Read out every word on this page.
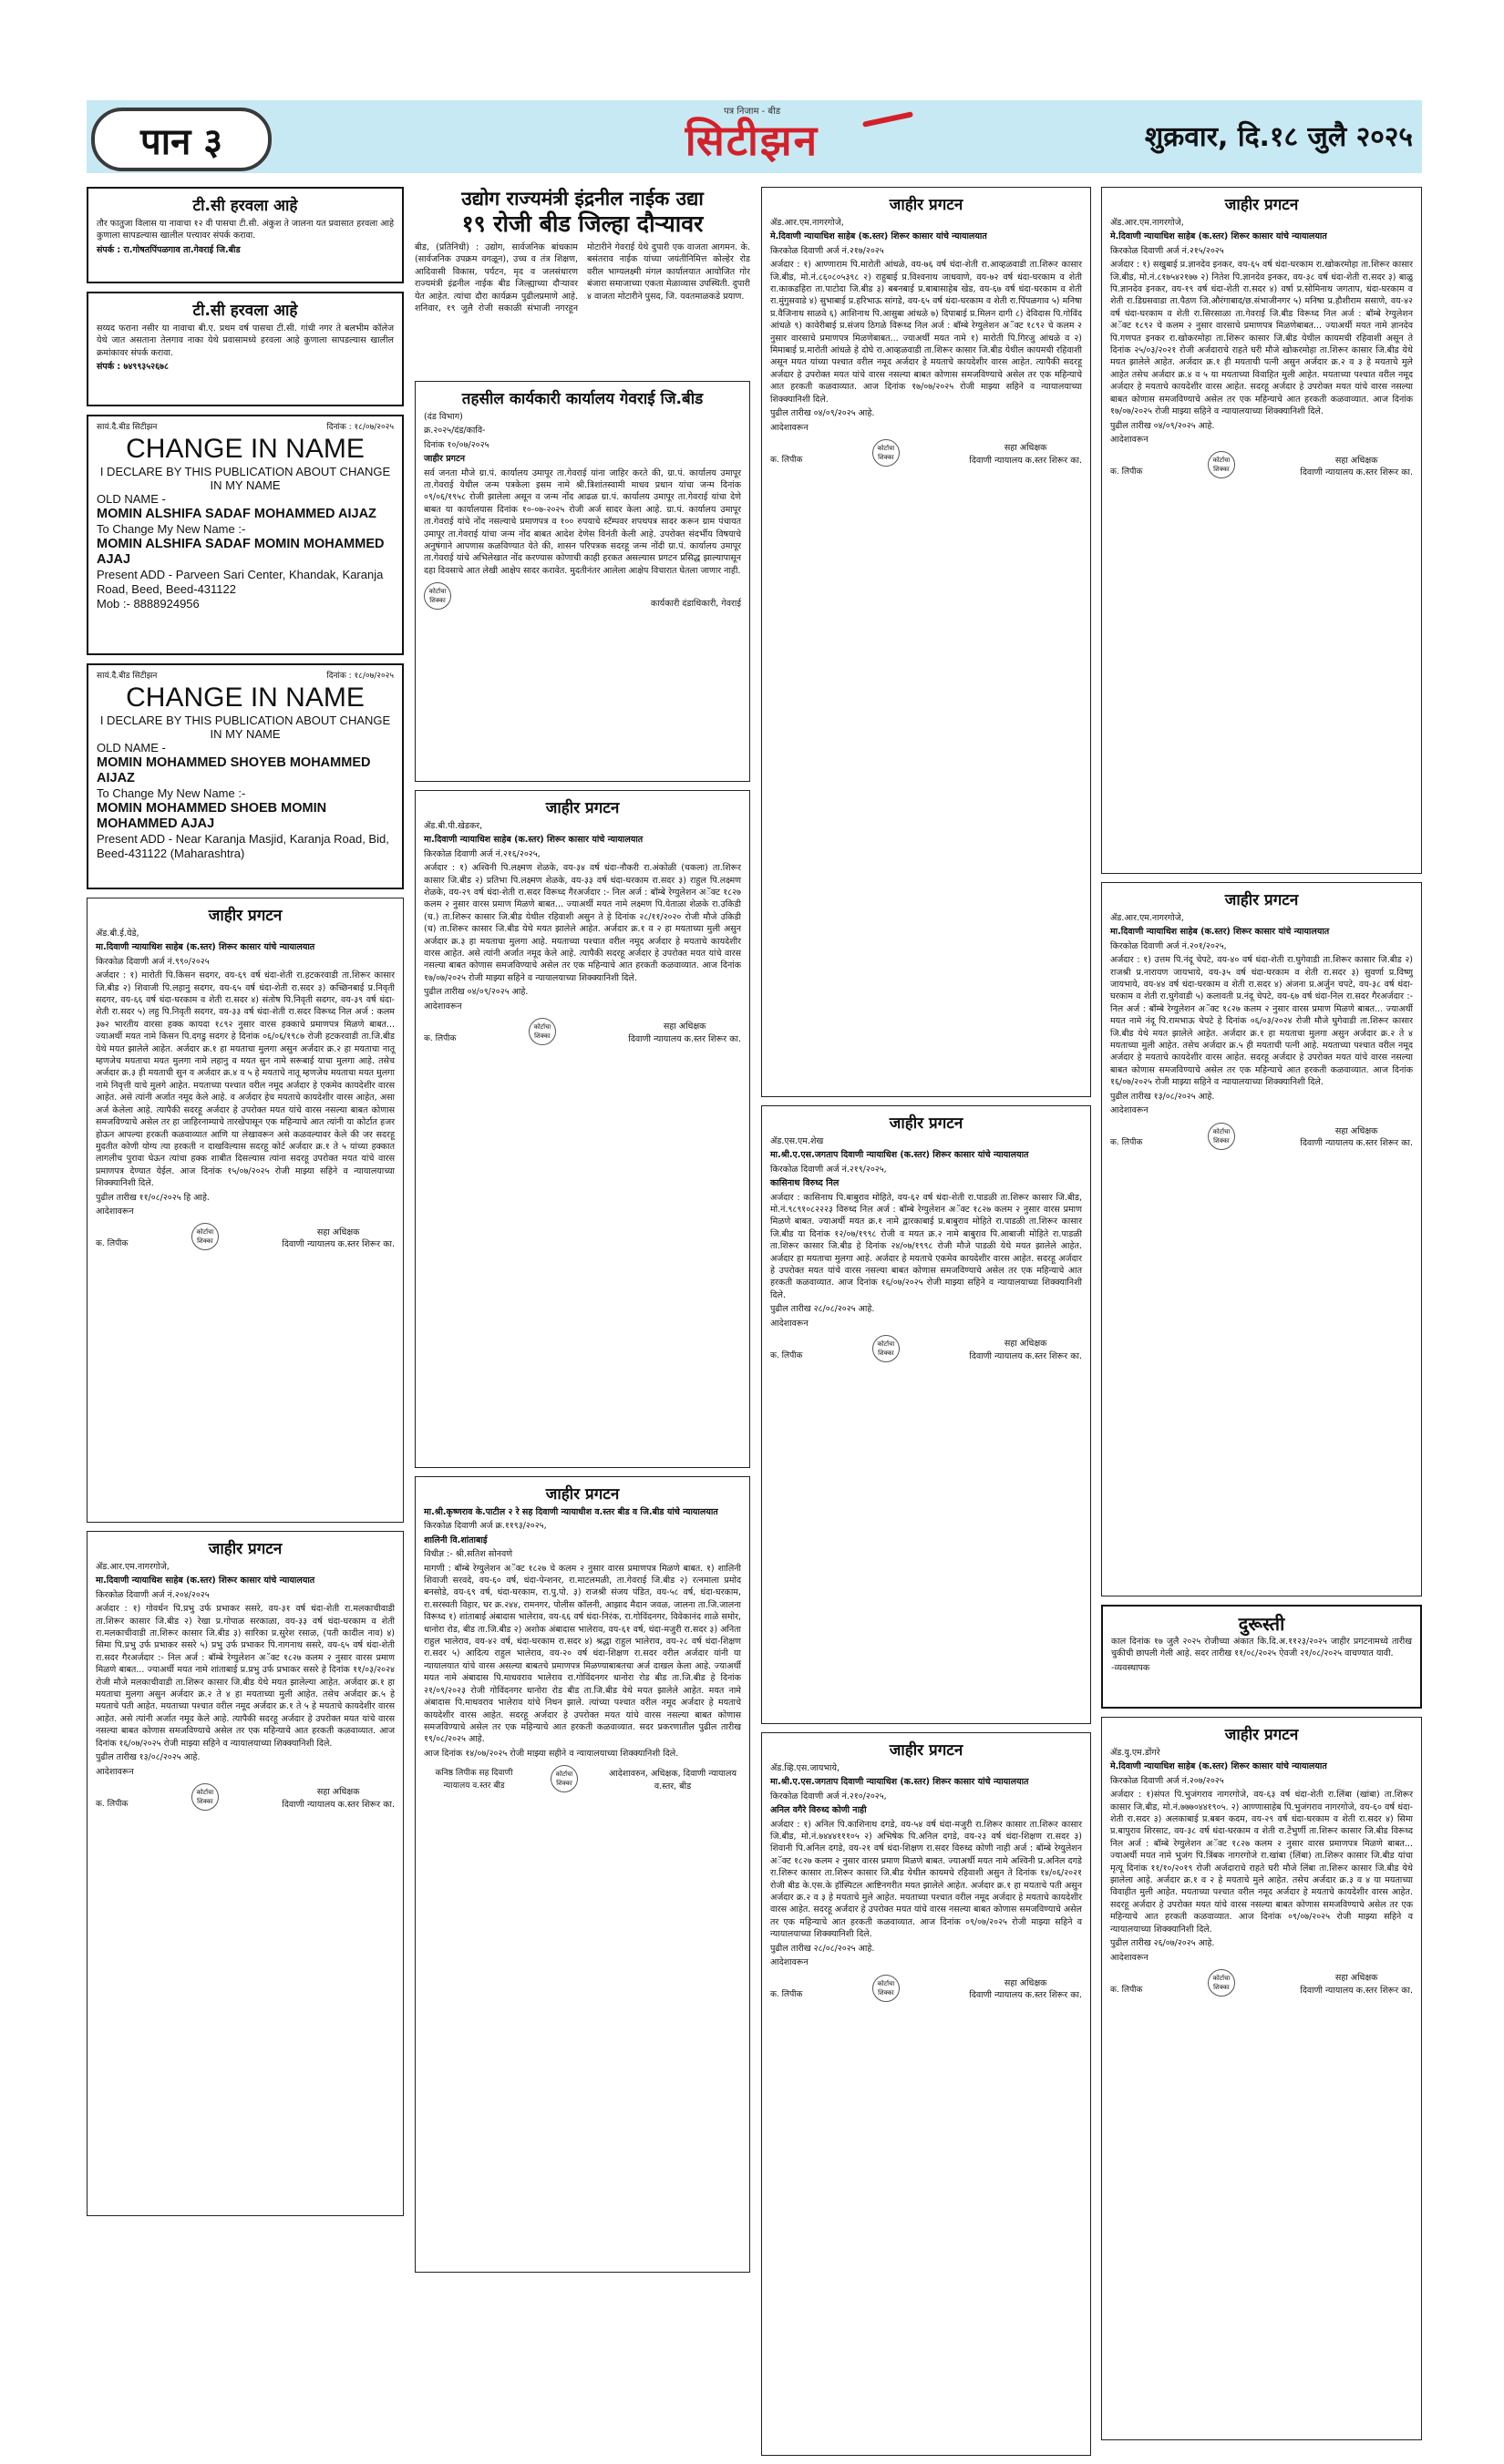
पान ३
पत्र निजाम - बीड
सिटीझन	शुक्रवार, दि.१८ जुलै २०२५
टी.सी हरवला आहे

तौर फातुजा विलास या नावाचा १२ वी पासचा टी.सी. अंकुश ते जालना यत प्रवासात हरवला आहे कुणाला सापडल्यास खालील पत्त्यावर संपर्क करावा.

संपर्क : रा.गोषतपिंपळगाव ता.गेवराई जि.बीड

टी.सी हरवला आहे

सय्यद फराना नसीर या नावाचा बी.ए. प्रथम वर्ष पासचा टी.सी. गांधी नगर ते बलभीम कॉलेज येथे जात असताना तेलगाव नाका येथे प्रवासामध्ये हरवला आहे कुणाला सापडल्यास खालील क्रमांकावर संपर्क करावा.

संपर्क : ७४९९३५२६७८

सायं.दै.बीड सिटीझन	दिनांक : १८/०७/२०२५
CHANGE IN NAME
I DECLARE BY THIS PUBLICATION ABOUT CHANGE IN MY NAME
OLD NAME -
MOMIN ALSHIFA SADAF MOHAMMED AIJAZ
To Change My New Name :-
MOMIN ALSHIFA SADAF MOMIN MOHAMMED AJAJ
Present ADD - Parveen Sari Center, Khandak, Karanja Road, Beed, Beed-431122
Mob :- 8888924956
सायं.दै.बीड सिटीझन	दिनांक : १८/०७/२०२५
CHANGE IN NAME
I DECLARE BY THIS PUBLICATION ABOUT CHANGE IN MY NAME
OLD NAME -
MOMIN MOHAMMED SHOYEB MOHAMMED AIJAZ
To Change My New Name :-
MOMIN MOHAMMED SHOEB MOMIN MOHAMMED AJAJ
Present ADD - Near Karanja Masjid, Karanja Road, Bid, Beed-431122 (Maharashtra)
जाहीर प्रगटन

ॲड.बी.ई.येडे,

मा.दिवाणी न्यायाधिश साहेब (क.स्तर) शिरूर कासार यांचे न्यायालयात

किरकोळ दिवाणी अर्ज नं.९९०/२०२५

अर्जदार : १) मारोती पि.किसन सदगर, वय-६९ वर्ष धंदा-शेती रा.हटकरवाडी ता.शिरूर कासार जि.बीड २) शिवाजी पि.लहानु सदगर, वय-६५ वर्ष धंदा-शेती रा.सदर ३) कच्छिनबाई प्र.निवृती सदगर, वय-६६ वर्ष धंदा-घरकाम व शेती रा.सदर ४) संतोष पि.निवृती सदगर, वय-३९ वर्ष धंदा-शेती रा.सदर ५) लहु पि.निवृती सदगर, वय-३३ वर्ष धंदा-शेती रा.सदर विरूध्द निल अर्ज : कलम ३७२ भारतीय वारसा हक्क कायदा १८९२ नुसार वारस हक्काचे प्रमाणपत्र मिळणे बाबत... ज्याअर्थी मयत नामे किसन पि.दगडु सदगर हे दिनांक ०६/०६/१९८७ रोजी हटकरवाडी ता.जि.बीड येथे मयत झालेले आहेत. अर्जदार क्र.१ हा मयताचा मुलगा असुन अर्जदार क्र.२ हा मयताचा नातू म्हणजेच मयताचा मयत मुलगा नामे लहानु व मयत सुन नामे सरूबाई याचा मुलगा आहे. तसेच अर्जदार क्र.३ ही मयताची सुन व अर्जदार क्र.४ व ५ हे मयताचे नातू म्हणजेच मयताचा मयत मुलगा नामे निवृत्ती याचे मुलगे आहेत. मयताच्या पश्चात वरील नमूद अर्जदार हे एकमेव कायदेशीर वारस आहेत. असे त्यांनी अर्जात नमूद केले आहे. व अर्जदार हेच मयताचे कायदेशीर वारस आहेत, असा अर्ज केलेला आहे. त्यापैकी सदरहू अर्जदार हे उपरोक्त मयत यांचे वारस नसल्या बाबत कोणास समजविण्याचे असेल तर हा जाहिरनाम्याचे तारखेपासून एक महिन्याचे आत त्यांनी या कोर्टात हजर होऊन आपल्या हरकती कळवाव्यात आणि या लेखावरून असे कळवल्यावर केले की जर सदरहू मुदतीत कोणी योग्य त्या हरकती न दाखविल्यास सदरहू कोर्ट अर्जदार क्र.१ ते ५ यांच्या हक्कात लागलीच पुरावा घेऊन त्यांचा हक्क शाबीत दिसल्यास त्यांना सदरहू उपरोक्त मयत यांचे वारस प्रमाणपत्र देण्यात येईल. आज दिनांक १५/०७/२०२५ रोजी माझ्या सहिने व न्यायालयाच्या शिक्क्यानिशी दिले.

पुढील तारीख ११/०८/२०२५ हि आहे.

आदेशावरून

क. लिपीक
कोर्टाचा शिक्का
सहा अधिक्षक
दिवाणी न्यायालय क.स्तर शिरूर का.
जाहीर प्रगटन

ॲड.आर.एम.नागरगोजे,

मा.दिवाणी न्यायाधिश साहेब (क.स्तर) शिरूर कासार यांचे न्यायालयात

किरकोळ दिवाणी अर्ज नं.२०४/२०२५

अर्जदार : १) गोवर्धन पि.प्रभु उर्फ प्रभाकर ससरे, वय-३१ वर्ष धंदा-शेती रा.मलकाचीवाडी ता.शिरूर कासार जि.बीड २) रेखा प्र.गोपाळ सरकाळा, वय-३३ वर्ष धंदा-घरकाम व शेती रा.मलकाचीवाडी ता.शिरूर कासार जि.बीड ३) सारिका प्र.सुरेश रसाळ, (पती कादील नाव) ४) सिमा पि.प्रभु उर्फ प्रभाकर ससरे ५) प्रभु उर्फ प्रभाकर पि.नागनाथ ससरे, वय-६५ वर्ष धंदा-शेती रा.सदर गैरअर्जदार :- निल अर्ज : बॉम्बे रेग्युलेशन अॅक्ट १८२७ कलम २ नुसार वारस प्रमाण मिळणे बाबत... ज्याअर्थी मयत नामे शांताबाई प्र.प्रभु उर्फ प्रभाकर ससरे हे दिनांक ११/०३/२०२४ रोजी मौजे मलकाचीवाडी ता.शिरूर कासार जि.बीड येथे मयत झालेल्या आहेत. अर्जदार क्र.१ हा मयताचा मुलगा असुन अर्जदार क्र.२ ते ४ हा मयताच्या मुली आहेत. तसेच अर्जदार क्र.५ हे मयताचे पती आहेत. मयताच्या पश्चात वरील नमूद अर्जदार क्र.१ ते ५ हे मयताचे कायदेशीर वारस आहेत. असे त्यांनी अर्जात नमूद केले आहे. त्यापैकी सदरहू अर्जदार हे उपरोक्त मयत यांचे वारस नसल्या बाबत कोणास समजविण्याचे असेल तर एक महिन्याचे आत हरकती कळवाव्यात. आज दिनांक १६/०७/२०२५ रोजी माझ्या सहिने व न्यायालयाच्या शिक्क्यानिशी दिले.

पुढील तारीख १३/०८/२०२५ आहे.

आदेशावरून

क. लिपीक
कोर्टाचा शिक्का
सहा अधिक्षक
दिवाणी न्यायालय क.स्तर शिरूर का.
उद्योग राज्यमंत्री इंद्रनील नाईक उद्या
१९ रोजी बीड जिल्हा दौऱ्यावर

बीड, (प्रतिनिधी) : उद्योग, सार्वजनिक बांधकाम (सार्वजनिक उपक्रम वगळून), उच्च व तंत्र शिक्षण, आदिवासी विकास, पर्यटन, मृद व जलसंधारण राज्यमंत्री इंद्रनील नाईक बीड जिल्ह्याच्या दौऱ्यावर येत आहेत. त्यांचा दौरा कार्यक्रम पुढीलप्रमाणे आहे. शनिवार, १९ जुलै रोजी सकाळी संभाजी नगरहून मोटारीने गेवराई येथे दुपारी एक वाजता आगमन. के. बसंतराव नाईक यांच्या जयंतीनिमित्त कोल्हेर रोड वरील भाग्यलक्ष्मी मंगल कार्यालयात आयोजित गोर बंजारा समाजाच्या एकता मेळाव्यास उपस्थिती. दुपारी ४ वाजता मोटारीने पुसद, जि. यवतमाळकडे प्रयाण.

तहसील कार्यकारी कार्यालय गेवराई जि.बीड

(दंड विभाग)

क्र.२०२५/दंड/कावि-

दिनांक १०/०७/२०२५

जाहीर प्रगटन

सर्व जनता मौजे ग्रा.पं. कार्यालय उमापूर ता.गेवराई यांना जाहिर करते की, ग्रा.पं. कार्यालय उमापूर ता.गेवराई येथील जन्म पत्रकेला इसम नामे श्री.त्रिशांतस्वामी माधव प्रधान यांचा जन्म दिनांक ०९/०६/१९५८ रोजी झालेला असून व जन्म नोंद आढळ ग्रा.पं. कार्यालय उमापूर ता.गेवराई यांचा देणे बाबत या कार्यालयास दिनांक १०-०७-२०२५ रोजी अर्ज सादर केला आहे. ग्रा.पं. कार्यालय उमापूर ता.गेवराई यांचे नोंद नसल्याचे प्रमाणपत्र व १०० रुपयाचे स्टॅम्पवर शपथपत्र सादर करून ग्राम पंचायत उमापूर ता.गेवराई यांचा जन्म नोंद बाबत आदेश देणेस विनंती केली आहे. उपरोक्त संदर्भीय विषयाचे अनुषंगाने आपणास कळविण्यात येते की, शासन परिपत्रक सदरहू जन्म नोंदी ग्रा.पं. कार्यालय उमापूर ता.गेवराई यांचे अभिलेखात नोंद करण्यास कोणाची काही हरकत असल्यास प्रगटन प्रसिद्ध झाल्यापासून दहा दिवसाचे आत लेखी आक्षेप सादर करावेत. मुदतीनंतर आलेला आक्षेप विचारात घेतला जाणार नाही.

कोर्टाचा शिक्का	कार्यकारी दंडाधिकारी, गेवराई
जाहीर प्रगटन

ॲड.बी.पी.खेडकर,

मा.दिवाणी न्यायाधिश साहेब (क.स्तर) शिरूर कासार यांचे न्यायालयात

किरकोळ दिवाणी अर्ज नं.२१६/२०२५,

अर्जदार : १) अश्विनी पि.लक्ष्मण शेळके, वय-३४ वर्ष धंदा-नौकरी रा.अंकोळी (चकला) ता.शिरूर कासार जि.बीड २) प्रतिभा पि.लक्ष्मण शेळके, वय-३३ वर्ष धंदा-घरकाम रा.सदर ३) राहुल पि.लक्ष्मण शेळके, वय-२९ वर्ष धंदा-शेती रा.सदर विरूध्द गैरअर्जदार :- निल अर्ज : बॉम्बे रेग्युलेशन अॅक्ट १८२७ कलम २ नुसार वारस प्रमाण मिळणे बाबत... ज्याअर्थी मयत नामे लक्ष्मण पि.येताळा शेळके रा.उकिडी (च.) ता.शिरूर कासार जि.बीड येथील रहिवाशी असुन ते हे दिनांक २८/११/२०२० रोजी मौजे उकिडी (च) ता.शिरूर कासार जि.बीड येथे मयत झालेले आहेत. अर्जदार क्र.१ व २ हा मयताच्या मुली असुन अर्जदार क्र.३ हा मयताचा मुलगा आहे. मयताच्या पश्चात वरील नमूद अर्जदार हे मयताचे कायदेशीर वारस आहेत. असे त्यांनी अर्जात नमूद केले आहे. त्यापैकी सदरहू अर्जदार हे उपरोक्त मयत यांचे वारस नसल्या बाबत कोणास समजविण्याचे असेल तर एक महिन्याचे आत हरकती कळवाव्यात. आज दिनांक १७/०७/२०२५ रोजी माझ्या सहिने व न्यायालयाच्या शिक्क्यानिशी दिले.

पुढील तारीख ०४/०९/२०२५ आहे.

आदेशावरून

क. लिपीक
कोर्टाचा शिक्का
सहा अधिक्षक
दिवाणी न्यायालय क.स्तर शिरूर का.
जाहीर प्रगटन

मा.श्री.कृष्णराव के.पाटील २ रे सह दिवाणी न्यायाधीश व.स्तर बीड व जि.बीड यांचे न्यायालयात

किरकोळ दिवाणी अर्ज क्र.११९३/२०२५,

शालिनी वि.शांताबाई

विधीज्ञ :- श्री.सतिश सोनवणे

मागणी : बॉम्बे रेग्युलेशन अॅक्ट १८२७ चे कलम २ नुसार वारस प्रमाणपत्र मिळणे बाबत. १) शालिनी शिवाजी सरवदे, वय-६० वर्ष, धंदा-पेन्शनर, रा.माटलमळी, ता.गेवराई जि.बीड २) रत्नमाला प्रमोद बनसोडे, वय-६९ वर्ष, धंदा-घरकाम, रा.पु.पो. ३) राजश्री संजय पंडित, वय-५८ वर्ष, धंदा-घरकाम, रा.सरस्वती विहार, घर क्र.२४४, रामनगर, पोलीस कॉलनी, आझाद मैदान जवळ, जालना ता.जि.जालना विरूध्द १) शांताबाई अंबादास भालेराव, वय-६६ वर्ष धंदा-निरंक, रा.गोविंदनगर, विवेकानंद शाळे समोर, धानोरा रोड, बीड ता.जि.बीड २) अशोक अंबादास भालेराव, वय-६१ वर्ष, धंदा-मजुरी रा.सदर ३) अनिता राहुल भालेराव, वय-४२ वर्ष, धंदा-घरकाम रा.सदर ४) श्रद्धा राहुल भालेराव, वय-२८ वर्ष धंदा-शिक्षण रा.सदर ५) आदित्य राहुल भालेराव, वय-२० वर्ष धंदा-शिक्षण रा.सदर वरील अर्जदार यांनी या न्यायालयात यांचे वारस असल्या बाबतचे प्रमाणपत्र मिळण्याबाबतचा अर्ज दाखल केला आहे. ज्याअर्थी मयत नामे अंबादास पि.माधवराव भालेराव रा.गोविंदनगर धानोरा रोड बीड ता.जि.बीड हे दिनांक २१/०९/२०२३ रोजी गोविंदनगर धानोरा रोड बीड ता.जि.बीड येथे मयत झालेले आहेत. मयत नामे अंबादास पि.माधवराव भालेराव यांचे निधन झाले. त्यांच्या पश्चात वरील नमूद अर्जदार हे मयताचे कायदेशीर वारस आहेत. सदरहू अर्जदार हे उपरोक्त मयत यांचे वारस नसल्या बाबत कोणास समजविण्याचे असेल तर एक महिन्याचे आत हरकती कळवाव्यात. सदर प्रकरणातील पुढील तारीख १९/०८/२०२५ आहे.

आज दिनांक १४/०७/२०२५ रोजी माझ्या सहीने व न्यायालयाच्या शिक्क्यानिशी दिले.

कनिष्ठ लिपीक सह दिवाणी न्यायालय व.स्तर बीड
कोर्टाचा शिक्का
आदेशावरुन, अधिक्षक, दिवाणी न्यायालय व.स्तर, बीड
जाहीर प्रगटन

ॲड.आर.एम.नागरगोजे,

मे.दिवाणी न्यायाधिश साहेब (क.स्तर) शिरूर कासार यांचे न्यायालयात

किरकोळ दिवाणी अर्ज नं.२१७/२०२५

अर्जदार : १) आण्णाराम पि.मारोती आंधळे, वय-७६ वर्ष धंदा-शेती रा.आव्हळवाडी ता.शिरूर कासार जि.बीड, मो.नं.८६०८०५३९८ २) राहुबाई प्र.विश्वनाथ जाधवाणे, वय-७२ वर्ष धंदा-घरकाम व शेती रा.काकडहिरा ता.पाटोदा जि.बीड ३) बबनबाई प्र.बाबासाहेब खेड, वय-६७ वर्ष धंदा-घरकाम व शेती रा.मुंगुसवाडे ४) सुभाबाई प्र.हरिभाऊ सांगडे, वय-६५ वर्ष धंदा-घरकाम व शेती रा.पिंपळगाव ५) मनिषा प्र.वैजिनाथ साळवे ६) आशिनाथ पि.आसुबा आंधळे ७) दिपाबाई प्र.मिलन दागी ८) देविदास पि.गोविंद आंधळे ९) कावेरीबाई प्र.संजय ठिगळे विरूध्द निल अर्ज : बॉम्बे रेग्युलेशन अॅक्ट १८९२ चे कलम २ नुसार वारसाचे प्रमाणपत्र मिळणेबाबत... ज्याअर्थी मयत नामे १) मारोती पि.गिरजु आंधळे व २) मिमाबाई प्र.मारोती आंधळे हे दोघे रा.आव्हळवाडी ता.शिरूर कासार जि.बीड येथील कायमची रहिवाशी असून मयत यांच्या पश्चात वरील नमूद अर्जदार हे मयताचे कायदेशीर वारस आहेत. त्यापैकी सदरहू अर्जदार हे उपरोक्त मयत यांचे वारस नसल्या बाबत कोणास समजविण्याचे असेल तर एक महिन्याचे आत हरकती कळवाव्यात. आज दिनांक १७/०७/२०२५ रोजी माझ्या सहिने व न्यायालयाच्या शिक्क्यानिशी दिले.

पुढील तारीख ०४/०९/२०२५ आहे.

आदेशावरून

क. लिपीक
कोर्टाचा शिक्का
सहा अधिक्षक
दिवाणी न्यायालय क.स्तर शिरूर का.
जाहीर प्रगटन

ॲड.एस.एम.शेख

मा.श्री.ए.एस.जगताप दिवाणी न्यायाधिश (क.स्तर) शिरूर कासार यांचे न्यायालयात

किरकोळ दिवाणी अर्ज नं.२१९/२०२५,

कासिनाथ विरुध्द निल

अर्जदार : कासिनाथ पि.बाबुराव मोहिते, वय-६२ वर्ष धंदा-शेती रा.पाडळी ता.शिरूर कासार जि.बीड, मो.नं.९८९१०८२२२३ विरुध्द निल अर्ज : बॉम्बे रेग्युलेशन अॅक्ट १८२७ कलम २ नुसार वारस प्रमाण मिळणे बाबत. ज्याअर्थी मयत क्र.१ नामे द्वारकाबाई प्र.बाबुराव मोहिते रा.पाडळी ता.शिरूर कासार जि.बीड या दिनांक १२/०७/१९९८ रोजी व मयत क्र.२ नामे बाबुराव पि.आबाजी मोहिते रा.पाडळी ता.शिरूर कासार जि.बीड हे दिनांक २४/०७/१९९८ रोजी मौजे पाडळी येथे मयत झालेले आहेत. अर्जदार हा मयताचा मुलगा आहे. अर्जदार हे मयताचे एकमेव कायदेशीर वारस आहेत. सदरहू अर्जदार हे उपरोक्त मयत यांचे वारस नसल्या बाबत कोणास समजविण्याचे असेल तर एक महिन्याचे आत हरकती कळवाव्यात. आज दिनांक १६/०७/२०२५ रोजी माझ्या सहिने व न्यायालयाच्या शिक्क्यानिशी दिले.

पुढील तारीख २८/०८/२०२५ आहे.

आदेशावरून

क. लिपीक
कोर्टाचा शिक्का
सहा अधिक्षक
दिवाणी न्यायालय क.स्तर शिरूर का.
जाहीर प्रगटन

ॲड.व्हि.एस.जायभाये,

मा.श्री.ए.एस.जगताप दिवाणी न्यायाधिश (क.स्तर) शिरूर कासार यांचे न्यायालयात

किरकोळ दिवाणी अर्ज नं.२१०/२०२५,

अनिल वगैरे विरुध्द कोणी नाही

अर्जदार : १) अनिल पि.काशिनाथ दगडे, वय-५४ वर्ष धंदा-मजुरी रा.शिरूर कासार ता.शिरूर कासार जि.बीड, मो.नं.७४४४१११०५ २) अभिषेक पि.अनिल दगडे, वय-२३ वर्ष धंदा-शिक्षण रा.सदर ३) शिवानी पि.अनिल दगडे, वय-२१ वर्ष धंदा-शिक्षण रा.सदर विरुध्द कोणी नाही अर्ज : बॉम्बे रेग्युलेशन अॅक्ट १८२७ कलम २ नुसार वारस प्रमाण मिळणे बाबत. ज्याअर्थी मयत नामे अश्विनी प्र.अनिल दगडे रा.शिरूर कासार ता.शिरूर कासार जि.बीड येथील कायमचे रहिवाशी असुन ते दिनांक १४/०६/२०२१ रोजी बीड के.एस.के हॉस्पिटल आष्टिनगरीत मयत झालेले आहेत. अर्जदार क्र.१ हा मयताचे पती असुन अर्जदार क्र.२ व ३ हे मयताचे मुले आहेत. मयताच्या पश्चात वरील नमूद अर्जदार हे मयताचे कायदेशीर वारस आहेत. सदरहू अर्जदार हे उपरोक्त मयत यांचे वारस नसल्या बाबत कोणास समजविण्याचे असेल तर एक महिन्याचे आत हरकती कळवाव्यात. आज दिनांक ०९/०७/२०२५ रोजी माझ्या सहिने व न्यायालयाच्या शिक्क्यानिशी दिले.

पुढील तारीख २८/०८/२०२५ आहे.

आदेशावरून

क. लिपीक
कोर्टाचा शिक्का
सहा अधिक्षक
दिवाणी न्यायालय क.स्तर शिरूर का.
जाहीर प्रगटन

ॲड.आर.एम.नागरगोजे,

मे.दिवाणी न्यायाधिश साहेब (क.स्तर) शिरूर कासार यांचे न्यायालयात

किरकोळ दिवाणी अर्ज नं.२१५/२०२५

अर्जदार : १) सखुबाई प्र.ज्ञानदेव इनकर, वय-६५ वर्ष धंदा-घरकाम रा.खोकरमोहा ता.शिरूर कासार जि.बीड, मो.नं.८१७५४२१७७ २) नितेश पि.ज्ञानदेव इनकर, वय-३८ वर्ष धंदा-शेती रा.सदर ३) बाळु पि.ज्ञानदेव इनकर, वय-१९ वर्ष धंदा-शेती रा.सदर ४) वर्षा प्र.सोमिनाथ जगताप, धंदा-घरकाम व शेती रा.डिग्रसवाडा ता.पैठण जि.औरंगाबाद/छ.संभाजीनगर ५) मनिषा प्र.हौशीराम ससाणे, वय-४२ वर्ष धंदा-घरकाम व शेती रा.सिरसाळा ता.गेवराई जि.बीड विरूध्द निल अर्ज : बॉम्बे रेग्युलेशन अॅक्ट १८९२ चे कलम २ नुसार वारसाचे प्रमाणपत्र मिळणेबाबत... ज्याअर्थी मयत नामे ज्ञानदेव पि.गणपत इनकर रा.खोकरमोहा ता.शिरूर कासार जि.बीड येथील कायमची रहिवाशी असून ते दिनांक २५/०३/२०२१ रोजी अर्जदाराचे राहते घरी मौजे खोकरमोहा ता.शिरूर कासार जि.बीड येथे मयत झालेले आहेत. अर्जदार क्र.१ ही मयताची पत्नी असुन अर्जदार क्र.२ व ३ हे मयताचे मुले आहेत तसेच अर्जदार क्र.४ व ५ या मयताच्या विवाहित मुली आहेत. मयताच्या पश्चात वरील नमूद अर्जदार हे मयताचे कायदेशीर वारस आहेत. सदरहू अर्जदार हे उपरोक्त मयत यांचे वारस नसल्या बाबत कोणास समजविण्याचे असेल तर एक महिन्याचे आत हरकती कळवाव्यात. आज दिनांक १७/०७/२०२५ रोजी माझ्या सहिने व न्यायालयाच्या शिक्क्यानिशी दिले.

पुढील तारीख ०४/०९/२०२५ आहे.

आदेशावरून

क. लिपीक
कोर्टाचा शिक्का
सहा अधिक्षक
दिवाणी न्यायालय क.स्तर शिरूर का.
जाहीर प्रगटन

ॲड.आर.एम.नागरगोजे,

मा.दिवाणी न्यायाधिश साहेब (क.स्तर) शिरूर कासार यांचे न्यायालयात

किरकोळ दिवाणी अर्ज नं.२०१/२०२५,

अर्जदार : १) उत्तम पि.नंदू चेपटे, वय-४० वर्ष धंदा-शेती रा.घुगेवाडी ता.शिरूर कासार जि.बीड २) राजश्री प्र.नारायण जायभाये, वय-३५ वर्ष धंदा-घरकाम व शेती रा.सदर ३) सुवर्णा प्र.विष्णु जायभाये, वय-४४ वर्ष धंदा-घरकाम व शेती रा.सदर ४) अंजना प्र.अर्जुन चपटे, वय-३८ वर्ष धंदा-घरकाम व शेती रा.घुगेवाडी ५) कलावती प्र.नंदू चेपटे, वय-६७ वर्ष धंदा-निल रा.सदर गैरअर्जदार :- निल अर्ज : बॉम्बे रेग्युलेशन अॅक्ट १८२७ कलम २ नुसार वारस प्रमाण मिळणे बाबत... ज्याअर्थी मयत नामे नंदू पि.रामभाऊ चेपटे हे दिनांक ०६/०३/२०२४ रोजी मौजे घुगेवाडी ता.शिरूर कासार जि.बीड येथे मयत झालेले आहेत. अर्जदार क्र.१ हा मयताचा मुलगा असुन अर्जदार क्र.२ ते ४ मयताच्या मुली आहेत. तसेच अर्जदार क्र.५ ही मयताची पत्नी आहे. मयताच्या पश्चात वरील नमूद अर्जदार हे मयताचे कायदेशीर वारस आहेत. सदरहू अर्जदार हे उपरोक्त मयत यांचे वारस नसल्या बाबत कोणास समजविण्याचे असेल तर एक महिन्याचे आत हरकती कळवाव्यात. आज दिनांक १६/०७/२०२५ रोजी माझ्या सहिने व न्यायालयाच्या शिक्क्यानिशी दिले.

पुढील तारीख १३/०८/२०२५ आहे.

आदेशावरून

क. लिपीक
कोर्टाचा शिक्का
सहा अधिक्षक
दिवाणी न्यायालय क.स्तर शिरूर का.
दुरूस्ती

काल दिनांक १७ जुलै २०२५ रोजीच्या अंकात कि.दि.अ.११२३/२०२५ जाहीर प्रगटनामध्ये तारीख चुकीची छापली गेली आहे. सदर तारीख ११/०८/२०२५ ऐवजी २१/०८/२०२५ वाचण्यात यावी.

-व्यवस्थापक

जाहीर प्रगटन

ॲड.यु.एम.डोंगरे

मे.दिवाणी न्यायाधिश साहेब (क.स्तर) शिरूर कासार यांचे न्यायालयात

किरकोळ दिवाणी अर्ज नं.२०७/२०२५

अर्जदार : १)संपत पि.भुजंगराव नागरगोजे, वय-६३ वर्ष धंदा-शेती रा.लिंबा (खांबा) ता.शिरूर कासार जि.बीड, मो.नं.७७७०४४१९०५. २) आण्णासाहेब पि.भुजंगराव नागरगोजे, वय-६० वर्ष धंदा-शेती रा.सदर ३) अलकाबाई प्र.बबन कदम, वय-२९ वर्ष धंदा-घरकाम व शेती रा.सदर ४) सिमा प्र.बापुराव शिरसाट, वय-३८ वर्ष धंदा-घरकाम व शेती रा.टेंभुर्णी ता.शिरूर कासार जि.बीड विरूध्द निल अर्ज : बॉम्बे रेग्युलेशन अॅक्ट १८२७ कलम २ नुसार वारस प्रमाणपत्र मिळणे बाबत... ज्याअर्थी मयत नामे भुजंग पि.त्रिंबक नागरगोजे रा.खांबा (लिंबा) ता.शिरूर कासार जि.बीड यांचा मृत्यू दिनांक ११/१०/२०१९ रोजी अर्जदाराचे राहते घरी मौजे लिंबा ता.शिरूर कासार जि.बीड येथे झालेला आहे. अर्जदार क्र.१ व २ हे मयताचे मुले आहेत. तसेच अर्जदार क्र.३ व ४ या मयताच्या विवाहीत मुली आहेत. मयताच्या पश्चात वरील नमूद अर्जदार हे मयताचे कायदेशीर वारस आहेत. सदरहू अर्जदार हे उपरोक्त मयत यांचे वारस नसल्या बाबत कोणास समजविण्याचे असेल तर एक महिन्याचे आत हरकती कळवाव्यात. आज दिनांक ०९/०७/२०२५ रोजी माझ्या सहिने व न्यायालयाच्या शिक्क्यानिशी दिले.

पुढील तारीख २६/०७/२०२५ आहे.

आदेशावरून

क. लिपीक
कोर्टाचा शिक्का
सहा अधिक्षक
दिवाणी न्यायालय क.स्तर शिरूर का.
